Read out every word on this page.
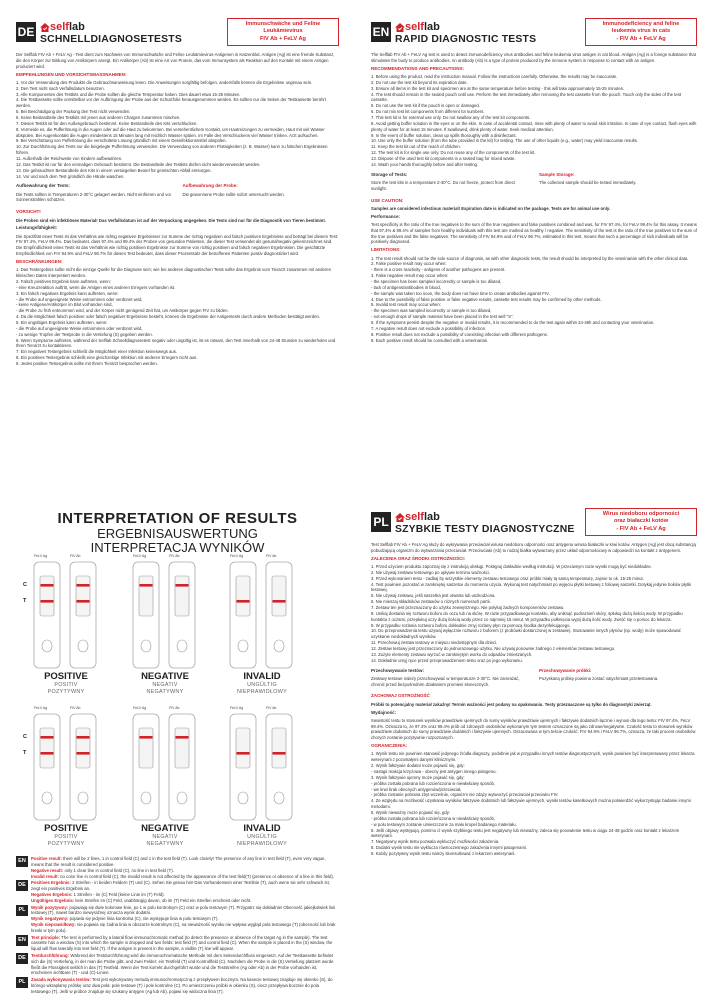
DE	selflab
SCHNELLDIAGNOSETESTS
Immunschwäche und Feline
Leukämievirus
FIV Ab + FeLV Ag

Der Selflab FIV Ab + FeLV Ag - Test dient zum Nachweis von Immunschwäche und Feline Leukämievirus-Antigenen in Katzenblut. Antigen (Ag) ist eine fremde Substanz, die den Körper zur Bildung von Antikörpern anregt. Ein Antikörper (Ab) ist eine Art von Protein, das vom Immunsystem als Reaktion auf den Kontakt mit einem Antigen produziert wird.

EMPFEHLUNGEN UND VORSICHTSMASSNAHMEN:
1. Vor der Verwendung des Produkts die Gebrauchsanweisung lesen. Die Anweisungen sorgfältig befolgen, andernfalls können die Ergebnisse ungenau sein.
2. Den Test nicht nach Verfallsdatum benutzen.
3. Alle Komponenten des Testkits und die Probe sollten die gleiche Temperatur haben. Dies dauert etwa 15-25 Minuten.
4. Die Testkassette sollte unmittelbar vor der Aufbringung der Probe aus der Schutzfolie herausgenommen werden. Es sollten nur die Seiten der Testkassette berührt werden.
5. Bei Beschädigung der Packung den Test nicht verwenden.
6. Keine Bestandteile des Testkits mit jenen aus anderen Chargen zusammen mischen.
7. Dieses Testkit ist für den Außengebrauch bestimmt. Keine Bestandteile des Kits verschlucken.
8. Vermeide es, die Pufferlösung in die Augen oder auf die Haut zu bekommen. Bei versehentlichem Kontakt, um Hautreizungen zu vermeiden, Haut mit viel Wasser abspülen. Bei Augenkontakt die Augen mindestens 15 Minuten lang mit reichlich Wasser spülen. Im Falle des Verschluckens viel Wasser trinken. Arzt aufsuchen.
9. Bei Verschüttung von Pufferlösung die verschüttete Lösung gründlich mit einem Desinfektionsmittel abspülen.
10. Zur Durchführung des Tests nur die beigelegte Pufferlösung verwenden. Die Verwendung von anderen Flüssigkeiten (z. B. Wasser) kann zu falschen Ergebnissen führen.
11. Außerhalb der Reichweite von Kindern aufbewahren.
12. Das Testkit ist nur für den einmaligen Gebrauch bestimmt. Die Bestandteile des Testkits dürfen nicht wiederverwendet werden.
13. Die gebrauchten Bestandteile des Kits in einem versiegelten Beutel für gemischten Abfall entsorgen.
14. Vor und nach dem Test gründlich die Hände waschen.
Aufbewahrung der Tests:
Die Tests sollten in Temperaturen 2-30°C gelagert werden. Nicht einfrieren und vor Sonnenstrahlen schützen.
Aufbewahrung der Probe:
Die gewonnene Probe sollte sofort untersucht werden.
VORSICHT!
Die Proben sind ein infektiöses Material! Das Verfallsdatum ist auf der Verpackung angegeben. Die Tests sind nur für die Diagnostik von Tieren bestimmt.
Leistungsfähigkeit:
Die Spezifität eines Tests ist das Verhältnis wie richtig negativen Ergebnisser zur Summe der richtig negativen und falsch positiven Ergebnisse und beträgt bei diesem Test: FIV 97.4%, FeLV 99.4%. Das bedeutet, dass 97.4% und 99.4% der Proben von gesunden Patienten, die dieser Test verwendet als gesund/negativ gekennzeichnet sind. Die Empfindlichkeit eines Tests ist das Verhältnis wie richtig positiven Ergebnisse zur Summe von richtig positiven und falsch negativen Ergebnissen. Die geschätzte Empfindlichkeit von FIV 94.9% und FeLV 96.7% für diesen Test bedeutet, dass dieser Prozentsatz der betroffenen Patienten positiv diagnostiziert wird.
BESCHRÄNKUNGEN:
1. Das Testergebnis sollte nicht die einzige Quelle für die Diagnose sein; wie bei anderen diagnostischen Tests sollte das Ergebnis vom Tierarzt zusammen mit anderen klinischen Daten interpretiert werden.
2. Falsch positives Ergebnis kann auftreten, wenn:
- eine Kreuzreaktion auftritt, wenn die Antigen eines anderen Erregers vorhanden ist.
3. Ein falsch negatives Ergebnis kann auftreten, wenn:
- die Probe auf ungeeignete Weise entnommen oder verdünnt wird,
- keine Antigene/Antikörper im Blut vorhanden sind,
- die Probe zu früh entnommen wird, und der Körper nicht genügend Zeit hat, um Antikörper gegen FIV zu bilden.
4. Da die Möglichkeit falsch positiver oder falsch negativer Ergebnisse besteht, können die Ergebnisse der Antigentests durch andere Methoden bestätigt werden.
5. Ein ungültiges Ergebnis kann auftreten, wenn:
- die Probe auf ungeeignete Weise entnommen oder verdünnt wird,
- zu wenige Tropfen der Testprobe in die Vertiefung (S) gegeben werden.
6. Wenn Symptome auftreten, während der Selflab Schnelldiagnosetest negativ oder ungültig ist, ist es ratsam, den Test innerhalb von 24-48 Stunden zu wiederholen und Ihren Tierarzt zu kontaktieren.
7. Ein negatives Testergebnis schließt die Möglichkeit einer Infektion keineswegs aus.
8. Ein positives Testergebnis schließt eine gleichzeitige Infektion mit anderen Erregern nicht aus.
9. Jedes positive Testergebnis sollte mit Ihrem Tierarzt besprochen werden.
EN	selflab
RAPID DIAGNOSTIC TESTS
Immunodeficiency and feline
leukemia virus in cats
- FIV Ab + FeLV Ag

The Selflab FIV Ab + FeLV Ag test is used to detect immunodeficiency virus antibodies and feline leukemia virus antigen in cat blood. Antigen (Ag) is a foreign substance that stimulates the body to produce antibodies. An antibody (Ab) is a type of protein produced by the immune system in response to contact with an antigen.

RECOMMENDATIONS AND PRECAUTIONS:
1. Before using the product, read the instruction manual. Follow the instructions carefully. Otherwise, the results may be inaccurate.
2. Do not use the test kit beyond its expiration date.
3. Ensure all items in the test kit and specimen are at the same temperature before testing - this will take approximately 15-25 minutes.
4. The test should remain in the sealed pouch until use. Perform the test immediately after removing the test cassette from the pouch. Touch only the sides of the test cassette.
5. Do not use the test kit if the pouch is open or damaged.
6. Do not mix test kit components from different lot numbers.
7. This test kit is for external use only. Do not swallow any of the test kit components.
8. Avoid getting buffer solution in the eyes or on the skin. In case of accidental contact, rinse with plenty of water to avoid skin irritation. In case of eye contact, flush eyes with plenty of water for at least 15 minutes. If swallowed, drink plenty of water. Seek medical attention.
9. In the event of buffer solution, clean up spills thoroughly with a disinfectant.
10. Use only the buffer solution (from the tube provided in the kit) for testing. The use of other liquids (e.g., water) may yield inaccurate results.
11. Keep the test kit out of the reach of children.
12. The test kit is for single use only. Do not reuse any of the components of the test kit.
13. Dispose of the used test kit components in a sealed bag for mixed waste.
14. Wash your hands thoroughly before and after testing.
Storage of Tests:
Store the test kits in a temperature 2-30°C. Do not freeze, protect from direct sunlight.
Sample Storage:
The collected sample should be tested immediately.
USE CAUTION:
Samples are considered infectious material! Expiration date is indicated on the package. Tests are for animal use only.
Performance:
Test specificity is the ratio of the true negatives to the sum of the true negatives and false positives combined and was, for FIV 97.4%, for FeLV 99.4% for this assay. It means that 97.4% & 99.4% of samples from healthy individuals with this test are marked as healthy / negative. The sensitivity of the test is the ratio of the true positives to the sum of the true positives and the false negatives. The sensitivity of FIV 94.9% and of FeLV 96.7%, estimated in this test, means that such a percentage of sick individuals will be positively diagnosed.
LIMITATIONS:
1. The test result should not be the sole source of diagnosis, as with other diagnostic tests, the result should be interpreted by the veterinarian with the other clinical data.
2. False positive result may occur when:
- there is a cross reactivity - antigens of another pathogens are present.
3. False negative result may occur when:
- the specimen has been sampled incorrectly or sample is too diluted,
- lack of antigens/antibodies in blood,
- the sample was taken too soon, the body does not have time to create antibodies against FIV.
4. Due to the possibility of false positive or false negative results, cassette test results may be confirmed by other methods.
5. Invalid test result may occur when:
- the specimen was sampled incorrectly or sample is too diluted,
- not enough drops of sample material have been placed in the test well "S".
6. If the symptoms persist despite the negative or invalid results, it is recommended to do the test again within 24-48h and contacting your veterinarian.
7. A negative result does not exclude a possibility of infection.
8. Positive result does not exclude a possibility of coexisting infection with different pathogens.
9. Each positive result should be consulted with a veterinarian.
INTERPRETATION OF RESULTS
ERGEBNISAUSWERTUNG
INTERPRETACJA WYNIKÓW
FeLV Ag	FIV Ab
C
T
POSITIVE
POSITIV
POZYTYWNY
FeLV Ag	FIV Ab
NEGATIVE
NEGATIV
NEGATYWNY
FeLV Ag	FIV Ab
INVALID
UNGÜLTIG
NIEPRAWIDŁOWY
FeLV Ag	FIV Ab
C
T
POSITIVE
POSITIV
POZYTYWNY
FeLV Ag	FIV Ab
NEGATIVE
NEGATIV
NEGATYWNY
FeLV Ag	FIV Ab
INVALID
UNGÜLTIG
NIEPRAWIDŁOWY
EN	Positive result: there will be 2 lines, 1 in control field (C) and 1 in the test field (T). Look closely! The presence of any line in test field (T), even very vague, means that the result is considered positive.
Negative result: only 1 clear line in control field (C), no line in test field (T).
Invalid result: no color line in control field (C), the invalid result is not affected by the appearance of the test field(T) (presence or absence of a line in this field).
DE	Positives Ergebnis: 2 Streifen - in beiden Feldern (T) und (C). Sehen Sie genau hin! Das Vorhandensein einer Testlinie (T), auch wenn sie sehr schwach ist, zeigt ein positives Ergebnis an.
Negatives Ergebnis: 1 Streifen - im (C) Feld (keine Linie im (T) Feld).
Ungültiges Ergebnis: kein Streifen im (C) Feld, unabhängig davon, ob im (T) Feld ein Streifen erscheint oder nicht.
PL	Wynik pozytywny: pojawiają się dwie kolorowe linie, po 1 w polu kontrolnym (C) oraz w polu testowym (T). Przypatrz się dokładnie! Obecność jakiejkolwiek linii testowej (T), nawet bardzo niewyraźnej oznacza wynik dodatni.
Wynik negatywny: pojawia się jedynie linia kontrolna (C), nie występuje linia w polu testowym (T).
Wynik nieprawidłowy: nie pojawia się żadna linia w obszarze kontrolnym (C), na nieważność wyniku nie wpływa wygląd pola testowego (T) (obecność lub brak kreski w tym polu).
EN	Test principle: The test is performed by a lateral flow immunochromatic method (to detect the presence or absence of the target Ag in the sample). The test cassette has a window (S) into which the sample is dropped and two fields: test field (T) and control field (C). When the sample is placed in the (S) window, the liquid will flow laterally into test field (T). If the antigen is present in the sample, a visible (T) line will appear.
DE	Testdurchführung: Während der Testdurchführung wird die immunochromatische Methode mit dem Seitendurchfluss eingesetzt. Auf der Testkassette befindet sich die (S) Vertiefung, in der man die Probe gibt, und zwei Felder: ein Testfeld (T) und Kontrollfeld (C). Nachdem die Probe in die (S) Vertiefung platziert wurde fließt die Flüssigkeit seitlich in das (T) Testfeld. Wenn der Test korrekt durchgeführt wurde und die Teststreifen (Ag oder Ab) in der Probe vorhanden ist, erscheinen sichtbare (T) - und (C)-Linien.
PL	Zasada wykonywania testów: Test jest wykonywany metodą immunochromatyczną z przepływem bocznym. Na kasecie testowej znajduje się okienko (S), do którego wkraplamy próbkę oraz dwa pola: pole testowe (T) i pole kontrolne (C). Po umieszczeniu próbki w okienku (S), ciecz przepływa bocznie do pola testowego (T). Jeśli w próbce znajduje się szukany antygen (Ag lub Ab), pojawi się widoczna linia (T).
PL	selflab
SZYBKIE TESTY DIAGNOSTYCZNE
Wirus niedoboru odporności
oraz białaczki kotów
- FIV Ab + FeLV Ag

Test Selflab FIV Ab + FeLV Ag służy do wykrywania przeciwciał wirusa niedoboru odporności oraz antygenu wirusa białaczki w krwi kotów. Antygen (Ag) jest obcą substancją pobudzającą organizm do wytwarzania przeciwciał. Przeciwciało (Ab) to rodzaj białka wytwarzany przez układ odpornościowy w odpowiedzi na kontakt z antygenem.

ZALECENIA ORAZ ŚRODKI OSTROŻNOŚCI:
1. Przed użyciem produktu zapoznaj się z instrukcją obsługi. Postępuj dokładnie według instrukcji. W przeciwnym razie wyniki mogą być niedokładne.
2. Nie używaj zestawu testowego po upływie terminu ważności.
3. Przed wykonaniem testu - zadbaj by wszystkie elementy zestawu testowego oraz próbki miały tą samą temperaturę, zajmie to ok. 15-25 minut.
4. Test powinien pozostać w zamkniętej saszetce do momentu użycia. Wykonaj test natychmiast po wyjęciu płytki testowej z foliowej saszetki. Dotykaj jedynie boków płytki testowej.
5. Nie używaj zestawu, jeśli saszetka jest otwarta lub uszkodzona.
6. Nie mieszaj składników zestawów o różnych numerach partii.
7. Zestaw ten jest przeznaczony do użytku zewnętrznego. Nie połykaj żadnych komponentów zestawu.
8. Unikaj dostania się roztworu buforu do oczu lub na skórę. W razie przypadkowego kontaktu, aby uniknąć podrażnień skóry, spłukuj dużą ilością wody. W przypadku kontaktu z oczami, przepłukuj oczy dużą ilością wody przez co najmniej 15 minut. W przypadku połknięcia wypij dużą ilość wody. Zwróć się o pomoc do lekarza.
9. W przypadku rozlania roztworu buforu dokładnie zmyj rozlany płyn za pomocą środka dezynfekującego.
10. Do przeprowadzenia testu używaj wyłącznie roztworu z buforem (z probówki dostarczonej w zestawie). Stosowanie innych płynów (np. wody) może spowodować uzyskanie niedokładnych wyników.
11. Przechowuj zestaw testowy w miejscu niedostępnym dla dzieci.
12. Zestaw testowy jest przeznaczony do jednorazowego użytku. Nie używaj ponownie żadnego z elementów zestawu testowego.
13. Zużyte elementy zestawu wyrzuć w zamkniętym worku do odpadów zmieszanych.
14. Dokładnie umyj ręce przed przeprowadzeniem testu oraz po jego wykonaniu.
Przechowywanie testów:
Zestawy testowe należy przechowywać w temperaturze 2-30°C. Nie zamrażać, chronić przed bezpośrednim działaniem promieni słonecznych.
Przechowywanie próbki:
Pozyskaną próbkę powinna zostać natychmiast przetestowana.
ZACHOWAJ OSTROŻNOŚĆ
Próbki to potencjalny materiał zakaźny! Termin ważności jest podany na opakowaniu. Testy przeznaczone są tylko do diagnostyki zwierząt.
Wydajność:
Swoistość testu to stosunek wyników prawdziwie ujemnych do sumy wyników prawdziwie ujemnych i fałszywie dodatnich łącznie i wynosi dla tego testu: FIV 97.4%, FeLV 99.4%. Oznacza to, że 97.4% oraz 99.4% prób od zdrowych osobników wykonanym tym testem oznaczone są jako zdrowe/negatywne. Czułość testu to stosunek wyników prawdziwie dodatnich do sumy prawdziwie dodatnich i fałszywie ujemnych. Oszacowana w tym teście czułość: FIV 94.9% i FeLV 96.7%, oznacza, że taki procent osobników chorych zostanie pozytywnie rozpoznanych.
OGRANICZENIA:
1. Wynik testu nie powinien stanowić jedynego źródła diagnozy, podobnie jak w przypadku innych testów diagnostycznych, wynik powinien być interpretowany przez lekarza weterynarii z pozostałymi danymi klinicznymi.
2. Wynik fałszywie dodatni może pojawić się, gdy:
- nastąpi reakcja krzyżowa - obecny jest antygen innego patogenu.
3. Wynik fałszywie ujemny może pojawić się, gdy:
- próbka została pobrana lub rozcieńczona w niewłaściwy sposób,
- we krwi brak obecnych antygenów/przeciwciał,
- próbka zostanie pobrana zbyt wcześnie, organizm nie zdąży wytworzyć przeciwciał przeciwko FIV.
4. Ze względu na możliwość uzyskania wyników fałszywie dodatnich lub fałszywie ujemnych, wyniki testów kasetkowych można potwierdzić wykorzystując badanie innymi metodami.
5. Wynik nieważny może pojawić się, gdy:
- próbka została pobrana lub rozcieńczona w niewłaściwy sposób,
- w polu testowym zostanie umieszczone za mało kropel badanego materiału.
6. Jeśli objawy występują, pomimo iż wynik szybkiego testu jest negatywny lub nieważny, zaleca się ponowienie testu w ciągu 24-48 godzin oraz kontakt z lekarzem weterynarii.
7. Negatywny wynik testu pozwala wykluczyć możliwości zakażenia.
8. Dodatni wynik testu nie wyklucza równoczesnego zakażenia innymi patogenami.
9. Każdy pozytywny wynik testu należy skonsultować z lekarzem weterynarii.
